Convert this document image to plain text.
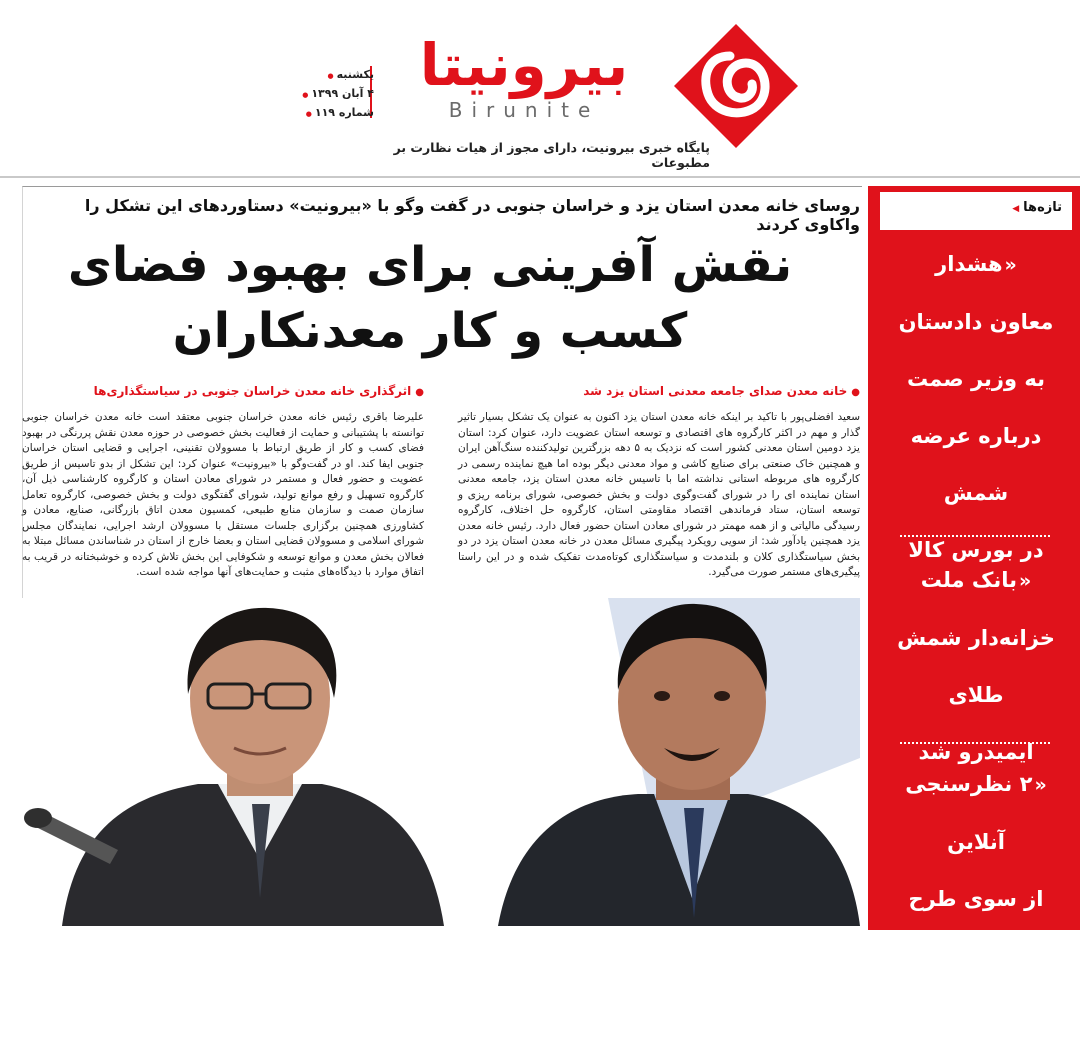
بیرونیتا
Birunite
پایگاه خبری بیرونیت، دارای مجوز از هیات نظارت بر مطبوعات
یکشنبه ●
۴ آبان ۱۳۹۹ ●
شماره ۱۱۹ ●
روسای خانه معدن استان یزد و خراسان جنوبی در گفت وگو با «بیرونیت» دستاوردهای این تشکل را واکاوی کردند
نقش آفرینی برای بهبود فضای
کسب و کار معدنکاران
● خانه معدن صدای جامعه معدنی استان یزد شد
سعید افضلی‌پور با تاکید بر اینکه خانه معدن استان یزد اکنون به عنوان یک تشکل بسیار تاثیر گذار و مهم در اکثر کارگروه های اقتصادی و توسعه استان عضویت دارد، عنوان کرد: استان یزد دومین استان معدنی کشور است که نزدیک به ۵ دهه بزرگترین تولیدکننده سنگ‌آهن ایران و همچنین خاک صنعتی برای صنایع کاشی و مواد معدنی دیگر بوده اما هیچ نماینده رسمی در کارگروه های مربوطه استانی نداشته اما با تاسیس خانه معدن استان یزد، جامعه معدنی استان نماینده ای را در شورای گفت‌وگوی دولت و بخش خصوصی، شورای برنامه ریزی و توسعه استان، ستاد فرماندهی اقتصاد مقاومتی استان، کارگروه حل اختلاف، کارگروه رسیدگی مالیاتی و از همه مهمتر در شورای معادن استان حضور فعال دارد. رئیس خانه معدن یزد همچنین یادآور شد: از سویی رویکرد پیگیری مسائل معدن در خانه معدن استان یزد در دو بخش سیاستگذاری کلان و بلندمدت و سیاستگذاری کوتاه‌مدت تفکیک شده و در این راستا پیگیری‌های مستمر صورت می‌گیرد.
● اثرگذاری خانه معدن خراسان جنوبی در سیاستگذاری‌ها
علیرضا باقری رئیس خانه معدن خراسان جنوبی معتقد است خانه معدن خراسان جنوبی توانسته با پشتیبانی و حمایت از فعالیت بخش خصوصی در حوزه معدن نقش پررنگی در بهبود فضای کسب و کار از طریق ارتباط با مسوولان تقنینی، اجرایی و قضایی استان خراسان جنوبی ایفا کند. او در گفت‌وگو با «بیرونیت» عنوان کرد: این تشکل از بدو تاسیس از طریق عضویت و حضور فعال و مستمر در شورای معادن استان و کارگروه کارشناسی ذیل آن، کارگروه تسهیل و رفع موانع تولید، شورای گفتگوی دولت و بخش خصوصی، کارگروه تعامل سازمان صمت و سازمان منابع طبیعی، کمسیون معدن اتاق بازرگانی، صنایع، معادن و کشاورزی همچنین برگزاری جلسات مستقل با مسوولان ارشد اجرایی، نمایندگان مجلس شورای اسلامی و مسوولان قضایی استان و بعضا خارج از استان در شناساندن مسائل مبتلا به فعالان بخش معدن و موانع توسعه و شکوفایی این بخش تلاش کرده و خوشبختانه در قریب به اتفاق موارد با دیدگاه‌های مثبت و حمایت‌های آنها مواجه شده است.
تازه‌ها ◀
«هشدار
معاون دادستان
به وزیر صمت
درباره عرضه شمش
در بورس کالا
«بانک ملت
خزانه‌دار شمش طلای
ایمیدرو شد
«۲ نظرسنجی آنلاین
از سوی طرح احیای
معادن کوچک
